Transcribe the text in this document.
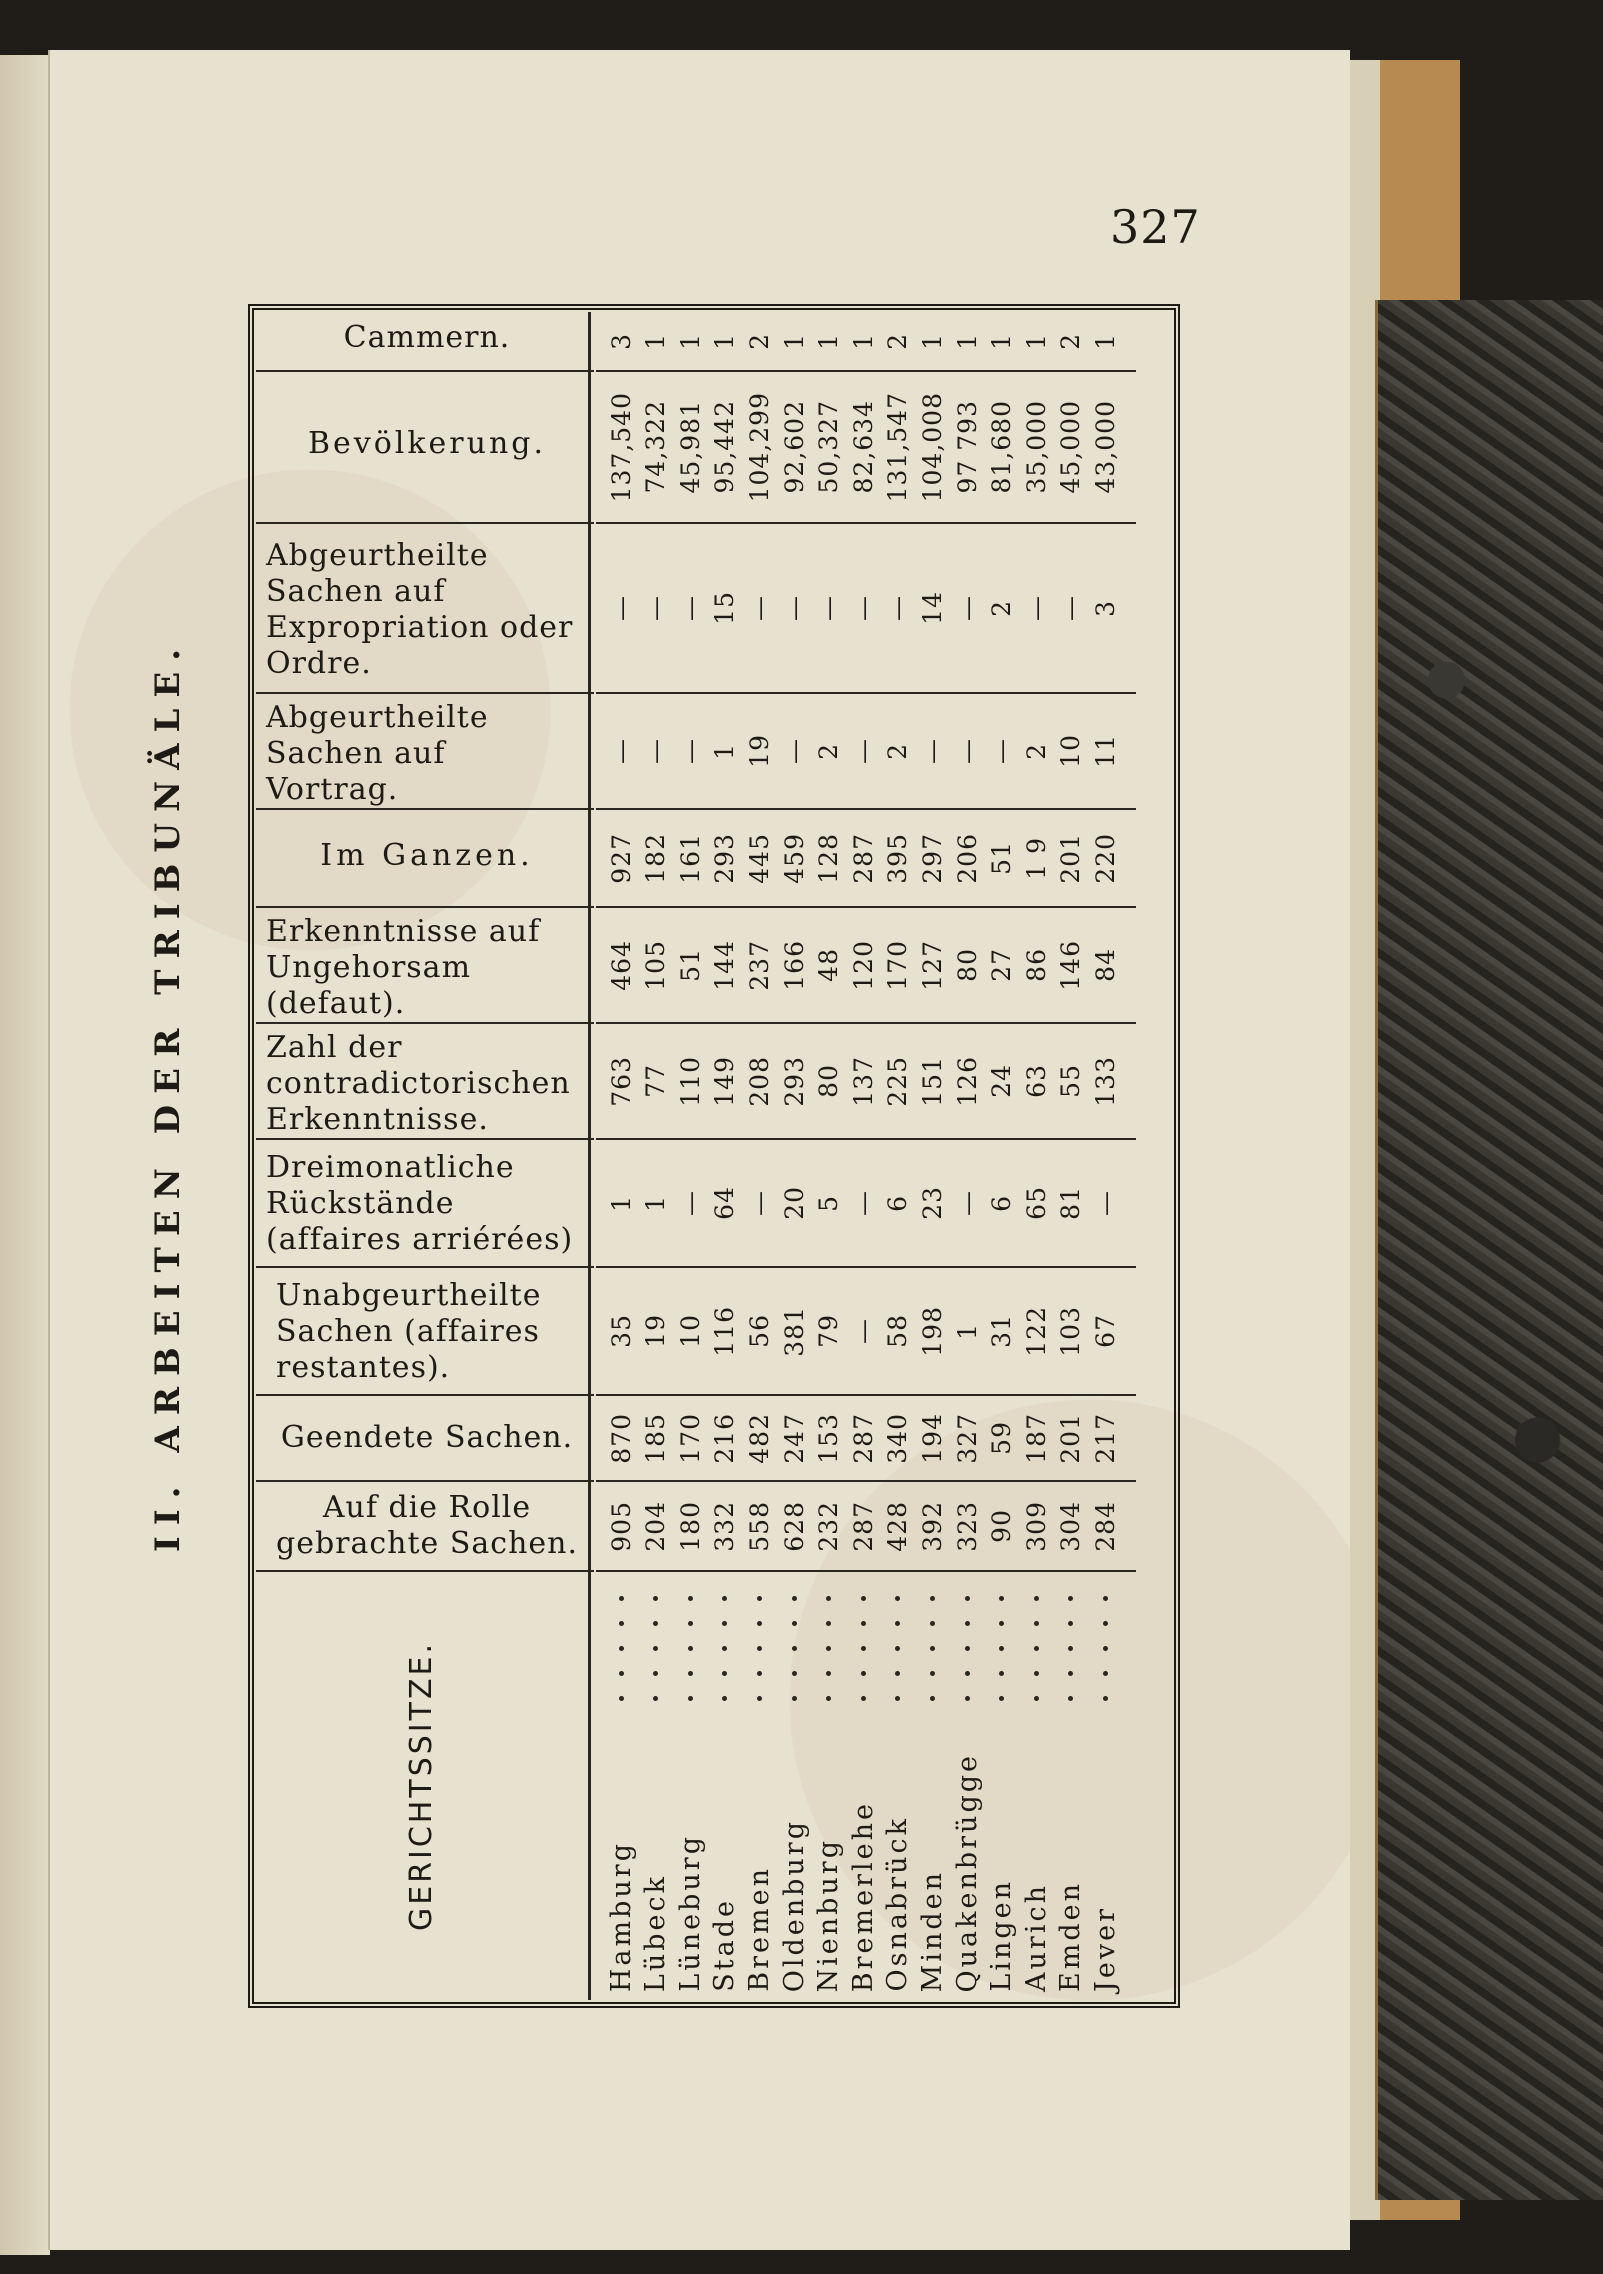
327
II. ARBEITEN DER TRIBUNÄLE.
Cammern.
Bevölkerung.
Abgeurtheilte Sachen auf Expropriation oder Ordre.
Abgeurtheilte Sachen auf Vortrag.
Im Ganzen.
Erkenntnisse auf Ungehorsam (defaut).
Zahl der contradictorischen Erkenntnisse.
Dreimonatliche Rückstände (affaires arriérées)
Unabgeurtheilte Sachen (affaires restantes).
Geendete Sachen.
Auf die Rolle gebrachte Sachen.
3 1 1 1 2 1 1 1 2 1 1 1 1 2 1
137,540 74,322 45,981 95,442 104,299 92,602 50,327 82,634 131,547 104,008 97 793 81,680 35,000 45,000 43,000
— — — 15 — — — — — 14 — 2 — — 3
— — — 1 19 — 2 — 2 — — — 2 10 11
927 182 161 293 445 459 128 287 395 297 206 51 1 9 201 220
464 105 51 144 237 166 48 120 170 127 80 27 86 146 84
763 77 110 149 208 293 80 137 225 151 126 24 63 55 133
1 1 — 64 — 20 5 — 6 23 — 6 65 81 —
35 19 10 116 56 381 79 — 58 198 1 31 122 103 67
870 185 170 216 482 247 153 287 340 194 327 59 187 201 217
905 204 180 332 558 628 232 287 428 392 323 90 309 304 284
GERICHTSSITZE.	Hamburg Lübeck Lüneburg Stade Bremen Oldenburg Nienburg Bremerlehe Osnabrück Minden Quakenbrügge Lingen Aurich Emden Jever
